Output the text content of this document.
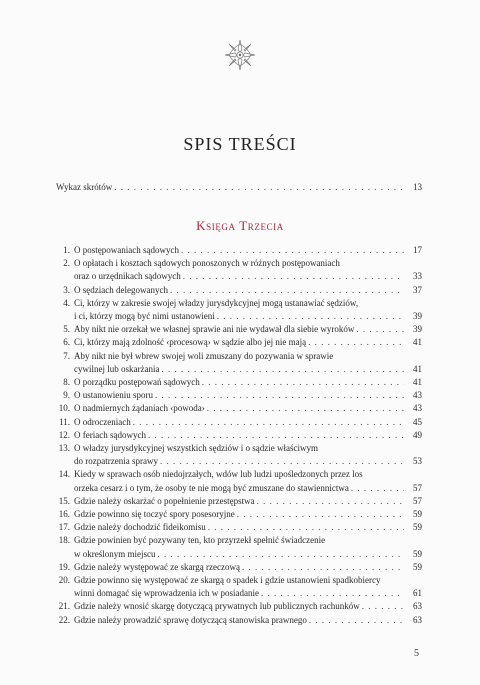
SPIS TREŚCI
Wykaz skrótów . . .	13
Księga Trzecia
1. O postępowaniach sądowych . . .	17
2. O opłatach i kosztach sądowych ponoszonych w różnych postępowaniach
oraz o urzędnikach sądowych . . .	33
3. O sędziach delegowanych . . .	37
4. Ci, którzy w zakresie swojej władzy jurysdykcyjnej mogą ustanawiać sędziów,
i ci, którzy mogą być nimi ustanowieni . . .	39
5. Aby nikt nie orzekał we własnej sprawie ani nie wydawał dla siebie wyroków . . .	39
6. Ci, którzy mają zdolność ‹procesową› w sądzie albo jej nie mają . . .	41
7. Aby nikt nie był wbrew swojej woli zmuszany do pozywania w sprawie
cywilnej lub oskarżania . . .	41
8. O porządku postępowań sądowych . . .	41
9. O ustanowieniu sporu . . .	43
10. O nadmiernych żądaniach ‹powoda› . . .	43
11. O odroczeniach . . .	45
12. O feriach sądowych . . .	49
13. O władzy jurysdykcyjnej wszystkich sędziów i o sądzie właściwym
do rozpatrzenia sprawy . . .	53
14. Kiedy w sprawach osób niedojrzałych, wdów lub ludzi upośledzonych przez los
orzeka cesarz i o tym, że osoby te nie mogą być zmuszane do stawiennictwa . . .	57
15. Gdzie należy oskarżać o popełnienie przestępstwa . . .	57
16. Gdzie powinno się toczyć spory posesoryjne . . .	59
17. Gdzie należy dochodzić fideikomisu . . .	59
18. Gdzie powinien być pozywany ten, kto przyrzekł spełnić świadczenie
w określonym miejscu . . .	59
19. Gdzie należy występować ze skargą rzeczową . . .	59
20. Gdzie powinno się występować ze skargą o spadek i gdzie ustanowieni spadkobiercy
winni domagać się wprowadzenia ich w posiadanie . . .	61
21. Gdzie należy wnosić skargę dotyczącą prywatnych lub publicznych rachunków . . .	63
22. Gdzie należy prowadzić sprawę dotyczącą stanowiska prawnego . . .	63
5
